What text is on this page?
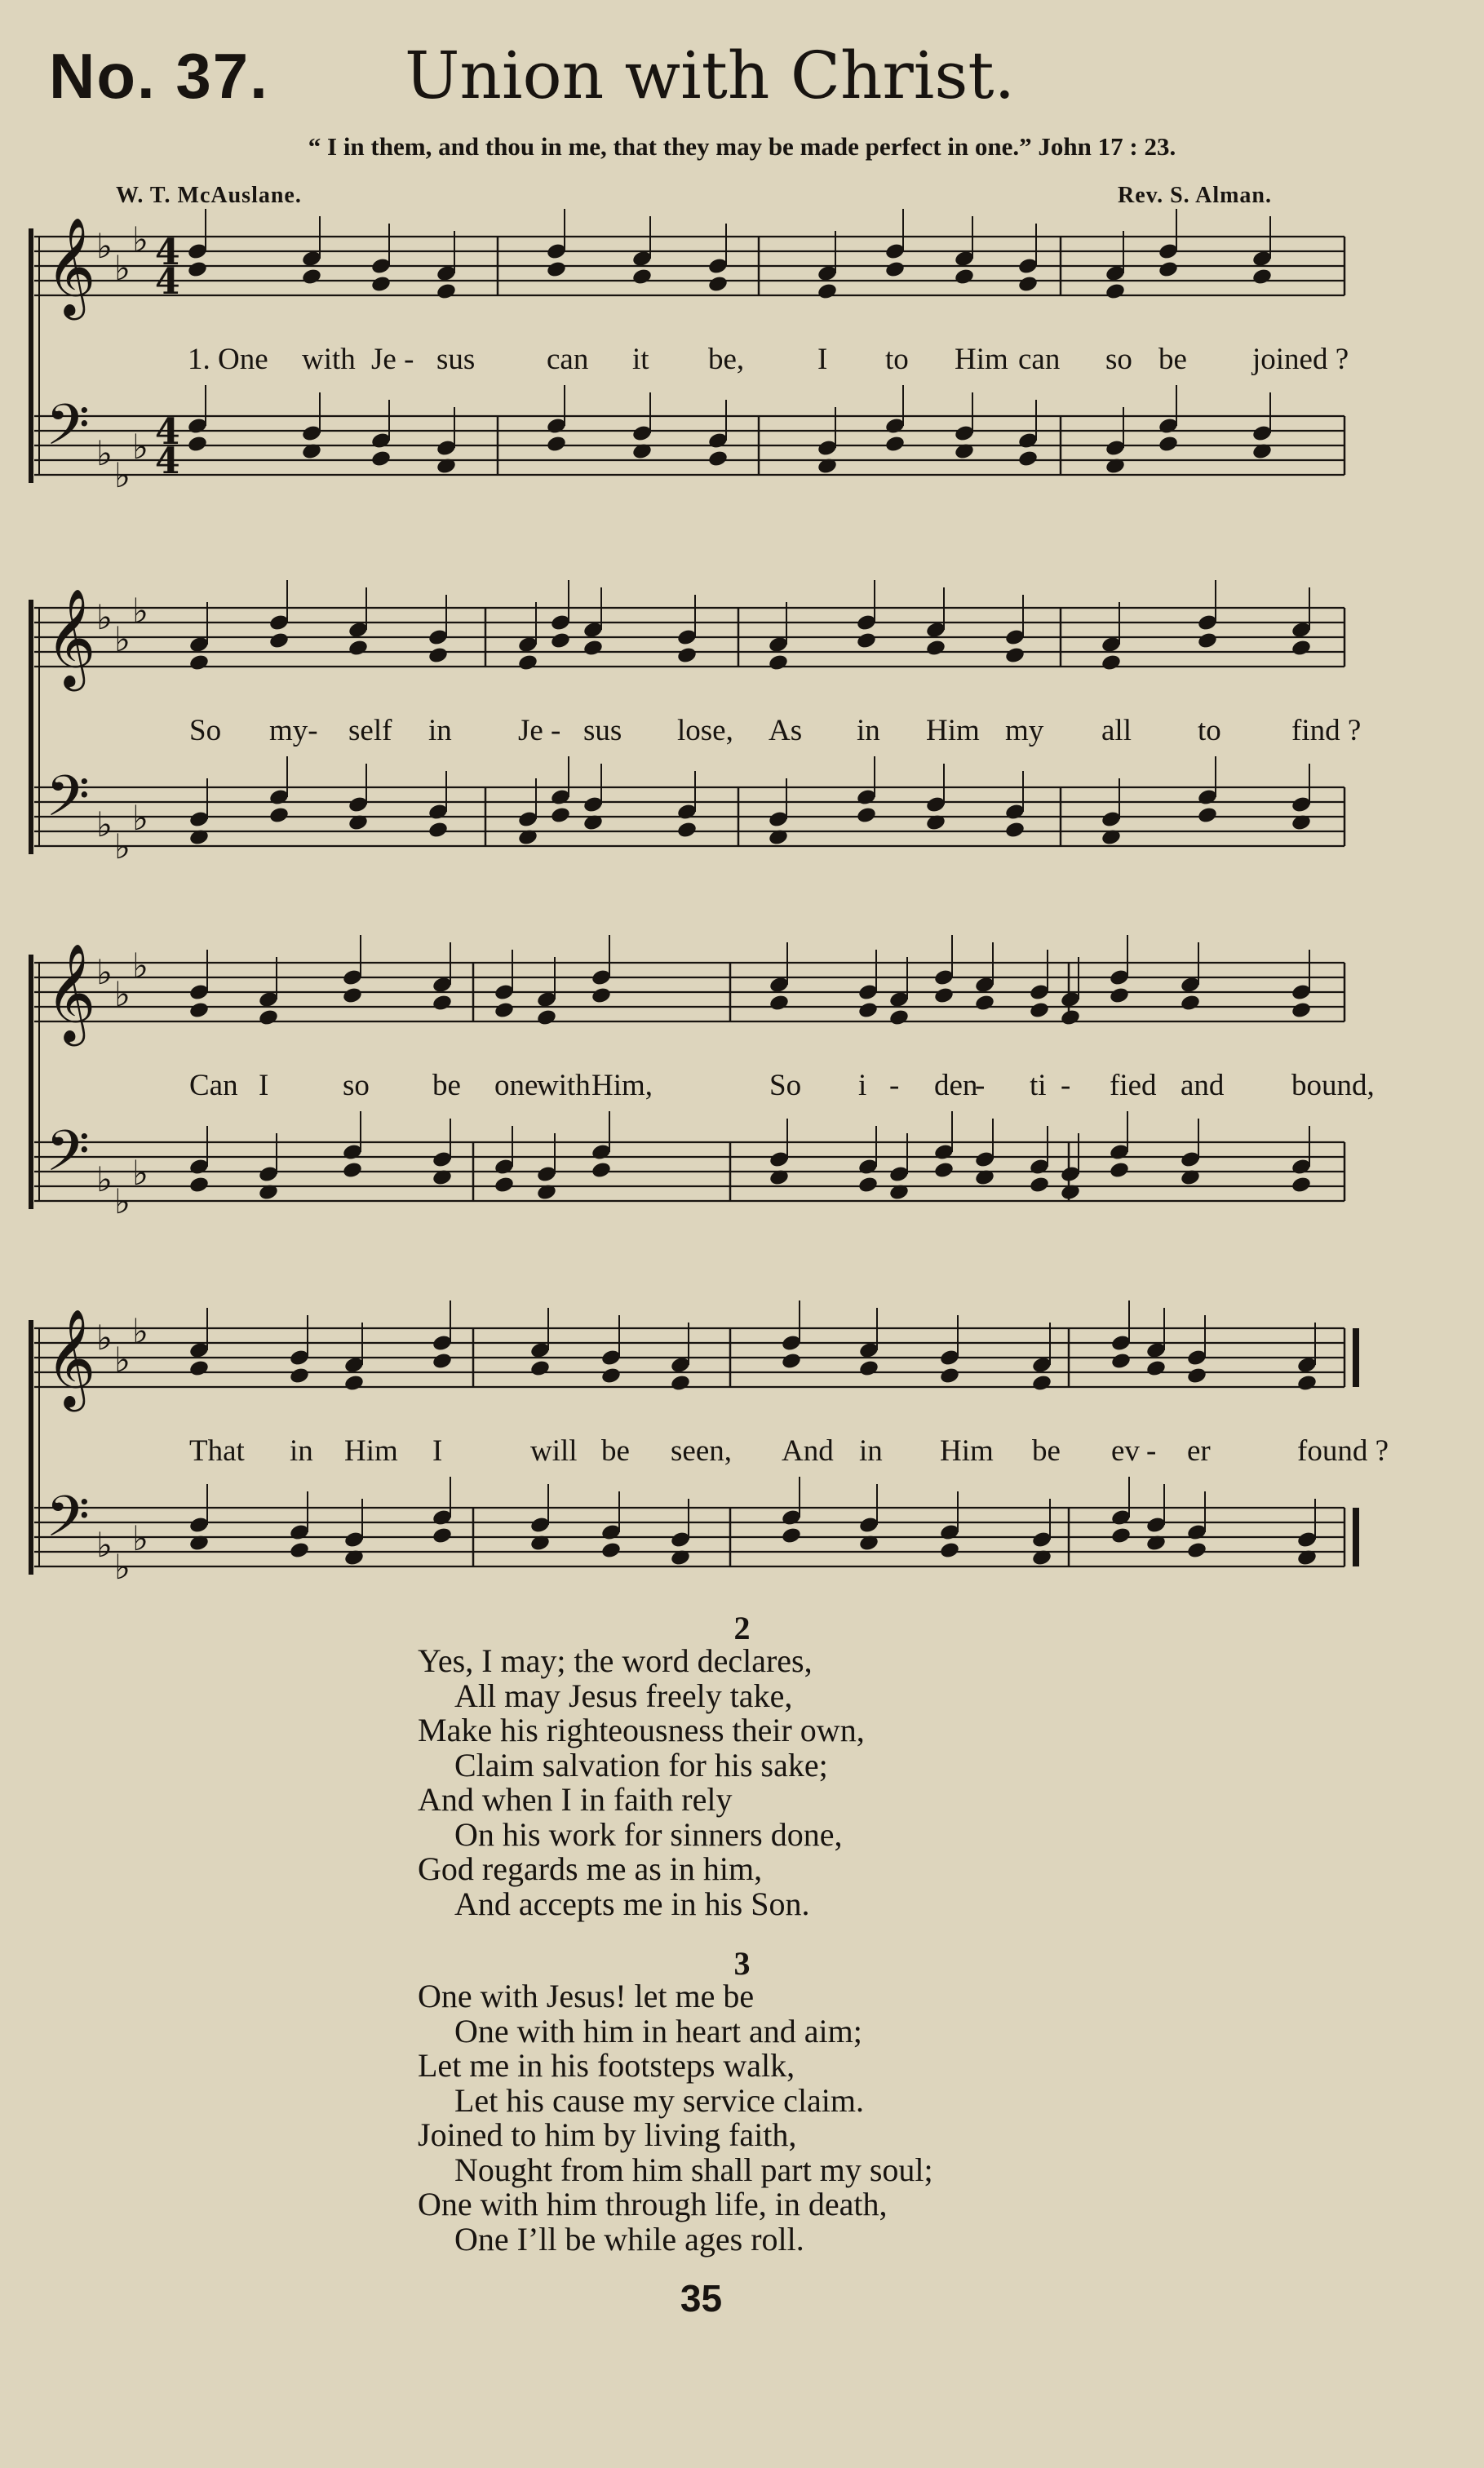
No. 37. Union with Christ.
“ I in them, and thou in me, that they may be made perfect in one.” John 17 : 23.
W. T. McAuslane.	Rev. S. Alman.
𝄞
𝄢
♭
♭
♭
♭
♭
♭
4
4
4
4
1. One with Je - sus can it be, I to Him can so be joined ?
𝄞
𝄢
♭
♭
♭
♭
♭
♭
So my- self in Je - sus lose, As in Him my all to find ?
𝄞
𝄢
♭
♭
♭
♭
♭
♭
Can I so be one
with Him,	So i - den
- ti - fied and bound,
𝄞
𝄢
♭
♭
♭
♭
♭
♭
That in Him I	will be seen, And in Him be ev - er	found ?
2
Yes, I may; the word declares,
All may Jesus freely take,
Make his righteousness their own,
Claim salvation for his sake;
And when I in faith rely
On his work for sinners done,
God regards me as in him,
And accepts me in his Son.
3
One with Jesus! let me be
One with him in heart and aim;
Let me in his footsteps walk,
Let his cause my service claim.
Joined to him by living faith,
Nought from him shall part my soul;
One with him through life, in death,
One I’ll be while ages roll.
35
